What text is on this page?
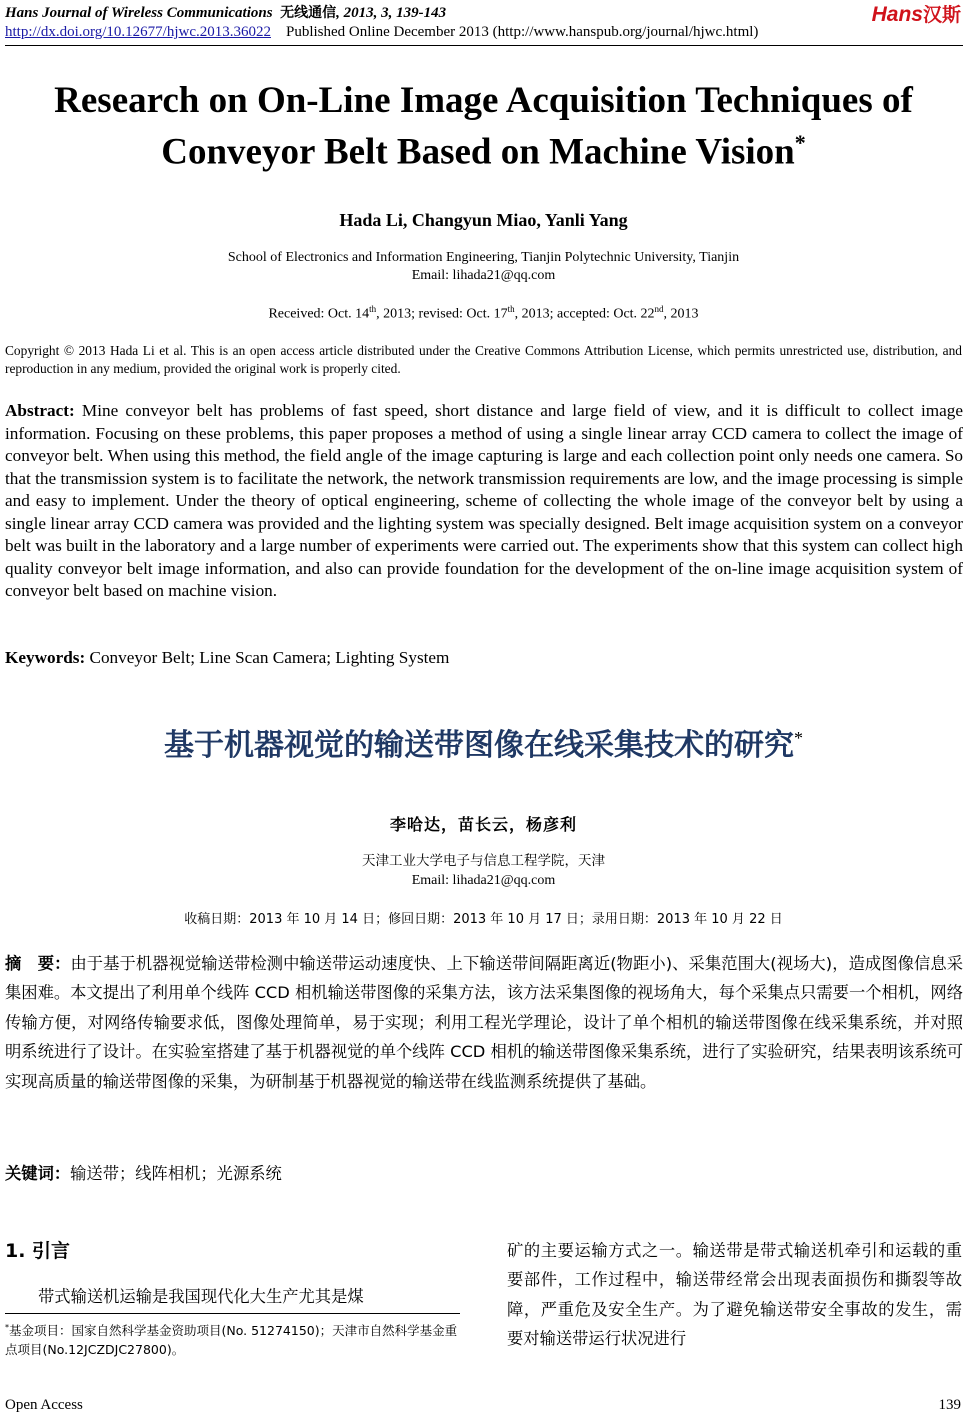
Hans Journal of Wireless Communications 无线通信, 2013, 3, 139-143	Hans汉斯
http://dx.doi.org/10.12677/hjwc.2013.36022 Published Online December 2013 (http://www.hanspub.org/journal/hjwc.html)
Research on On-Line Image Acquisition Techniques of
Conveyor Belt Based on Machine Vision*
Hada Li, Changyun Miao, Yanli Yang
School of Electronics and Information Engineering, Tianjin Polytechnic University, Tianjin
Email: lihada21@qq.com
Received: Oct. 14th, 2013; revised: Oct. 17th, 2013; accepted: Oct. 22nd, 2013
Copyright © 2013 Hada Li et al. This is an open access article distributed under the Creative Commons Attribution License, which permits unrestricted use, distribution, and reproduction in any medium, provided the original work is properly cited.
Abstract: Mine conveyor belt has problems of fast speed, short distance and large field of view, and it is difficult to collect image information. Focusing on these problems, this paper proposes a method of using a single linear array CCD camera to collect the image of conveyor belt. When using this method, the field angle of the image capturing is large and each collection point only needs one camera. So that the transmission system is to facilitate the network, the network transmission requirements are low, and the image processing is simple and easy to implement. Under the theory of optical engineering, scheme of collecting the whole image of the conveyor belt by using a single linear array CCD camera was provided and the lighting system was specially designed. Belt image acquisition system on a conveyor belt was built in the laboratory and a large number of experiments were carried out. The experiments show that this system can collect high quality conveyor belt image information, and also can provide foundation for the development of the on-line image acquisition system of conveyor belt based on machine vision.
Keywords: Conveyor Belt; Line Scan Camera; Lighting System
基于机器视觉的输送带图像在线采集技术的研究*
李哈达，苗长云，杨彦利
天津工业大学电子与信息工程学院，天津
Email: lihada21@qq.com
收稿日期：2013 年 10 月 14 日；修回日期：2013 年 10 月 17 日；录用日期：2013 年 10 月 22 日
摘　要：由于基于机器视觉输送带检测中输送带运动速度快、上下输送带间隔距离近(物距小)、采集范围大(视场大)，造成图像信息采集困难。本文提出了利用单个线阵 CCD 相机输送带图像的采集方法，该方法采集图像的视场角大，每个采集点只需要一个相机，网络传输方便，对网络传输要求低，图像处理简单，易于实现；利用工程光学理论，设计了单个相机的输送带图像在线采集系统，并对照明系统进行了设计。在实验室搭建了基于机器视觉的单个线阵 CCD 相机的输送带图像采集系统，进行了实验研究，结果表明该系统可实现高质量的输送带图像的采集，为研制基于机器视觉的输送带在线监测系统提供了基础。
关键词：输送带；线阵相机；光源系统
1. 引言
带式输送机运输是我国现代化大生产尤其是煤
*基金项目：国家自然科学基金资助项目(No. 51274150)；天津市自然科学基金重点项目(No.12JCZDJC27800)。
矿的主要运输方式之一。输送带是带式输送机牵引和运载的重要部件，工作过程中，输送带经常会出现表面损伤和撕裂等故障，严重危及安全生产。为了避免输送带安全事故的发生，需要对输送带运行状况进行
Open Access	139
